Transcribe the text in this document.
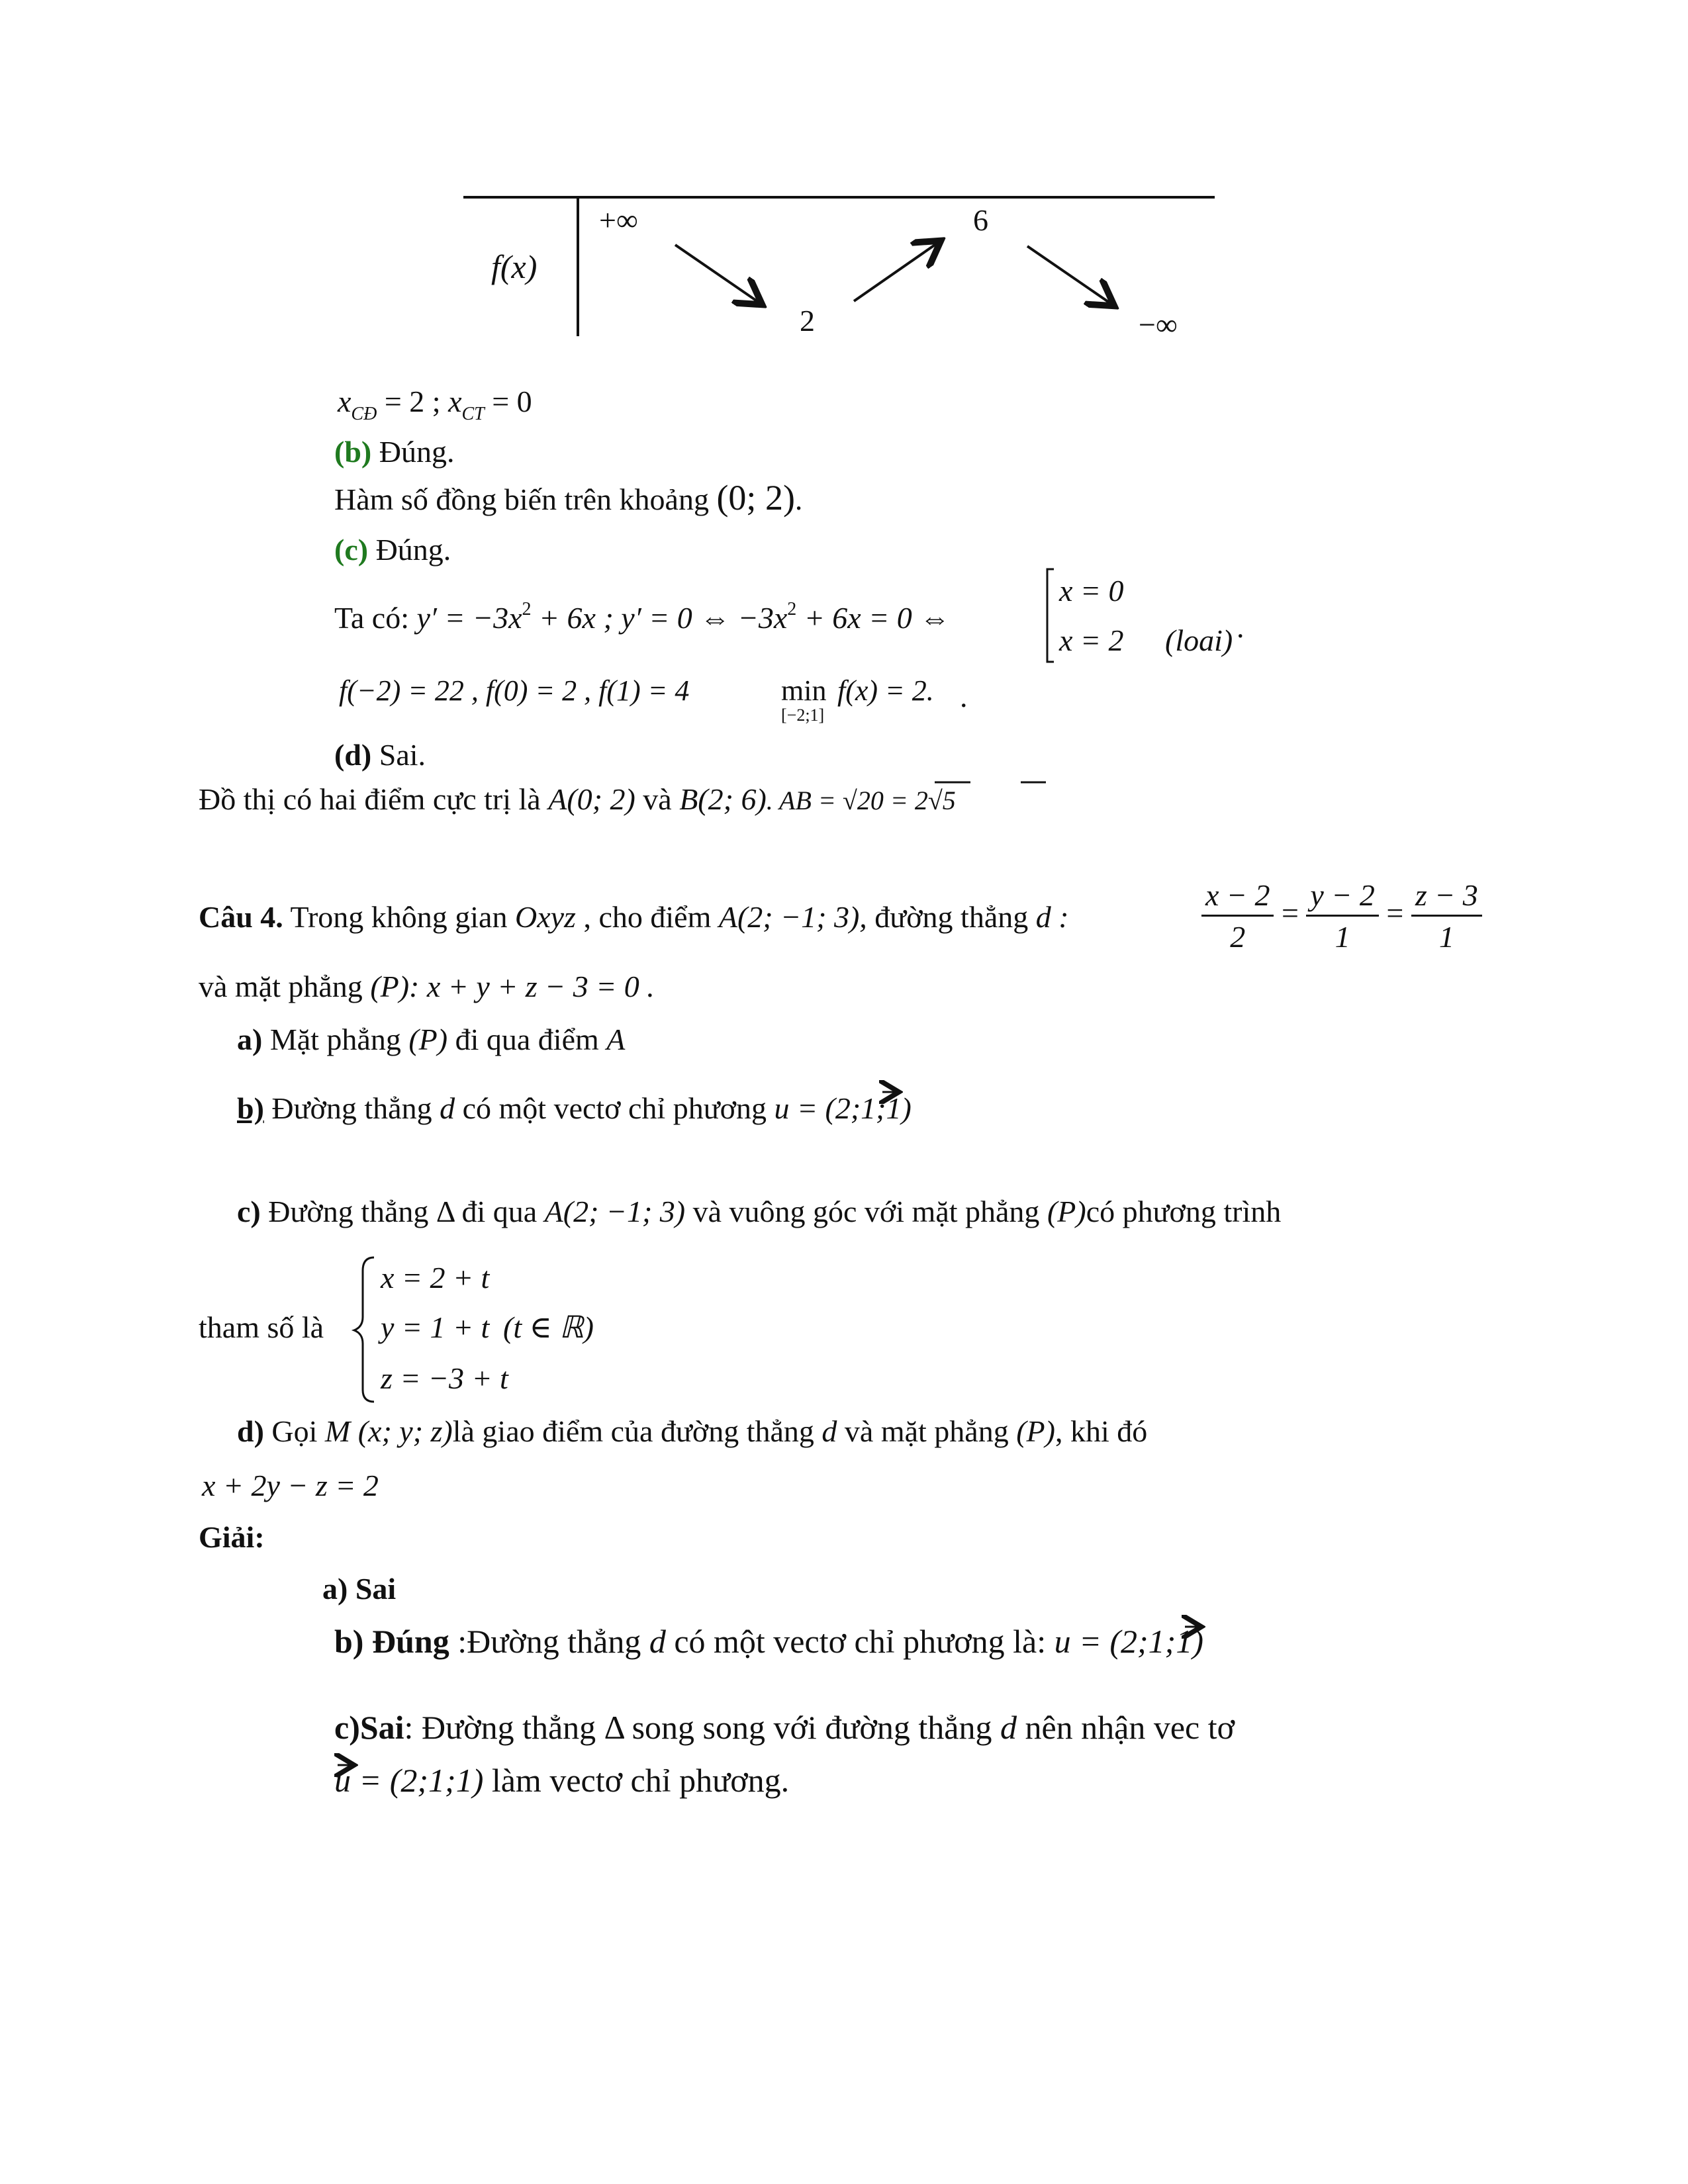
f(x)
+∞
2
6
−∞
$x_{CĐ} = 2$ ; $x_{CT} = 0$
(b) Đúng.
Hàm số đồng biến trên khoảng (0; 2).
(c) Đúng.
Ta có: $y' = -3x^2 + 6x$ ; y′ = 0 ⇔ $-3x^2 + 6x = 0$ ⇔
x = 0
x = 2 (loai) .
f(−2) = 22 , f(0) = 2 , f(1) = 4	min
[−2;1]
f(x) = 2. .
(d) Sai.
Đồ thị có hai điểm cực trị là A(0; 2) và B(2; 6). AB = √20 = 2√5
Câu 4. Trong không gian Oxyz , cho điểm A(2; −1; 3), đường thẳng d :	$\frac{x - 2}{2} = \frac{y - 2}{1} = \frac{z - 3}{1}$
và mặt phẳng (P): x + y + z − 3 = 0 .
a) Mặt phẳng (P) đi qua điểm A
b) Đường thẳng d có một vectơ chỉ phương u = (2;1;1)
c) Đường thẳng Δ đi qua A(2; −1; 3) và vuông góc với mặt phẳng (P)có phương trình
tham số là
x = 2 + t
y = 1 + t
z = −3 + t
(t ∈ ℝ)
d) Gọi M (x; y; z)là giao điểm của đường thẳng d và mặt phẳng (P), khi đó
x + 2y − z = 2
Giải:
a) Sai
b) Đúng :Đường thẳng d có một vectơ chỉ phương là: u = (2;1;1)
c)Sai: Đường thẳng Δ song song với đường thẳng d nên nhận vec tơ
u = (2;1;1) làm vectơ chỉ phương.
